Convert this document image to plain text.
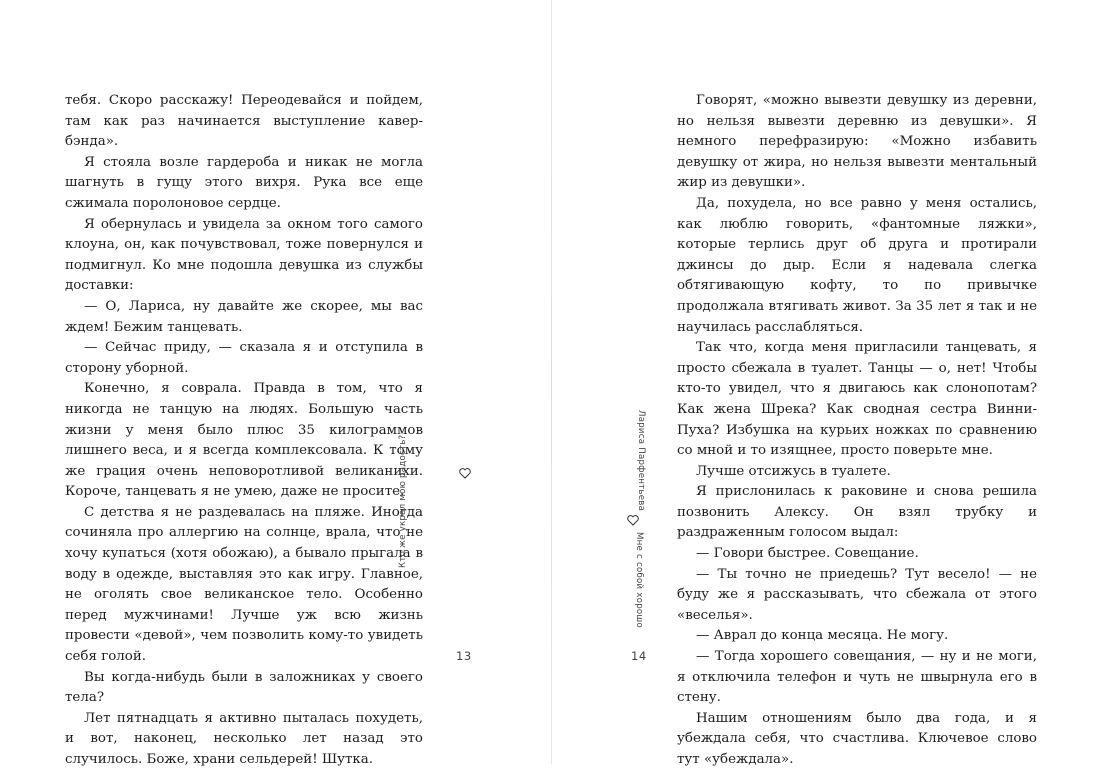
тебя. Скоро расскажу! Переодевайся и пойдем, там как раз начинается выступление кавер-бэнда».

Я стояла возле гардероба и никак не могла шагнуть в гущу этого вихря. Рука все еще сжимала поролоновое сердце.

Я обернулась и увидела за окном того самого клоуна, он, как почувствовал, тоже повернулся и подмигнул. Ко мне подошла девушка из службы доставки:

— О, Лариса, ну давайте же скорее, мы вас ждем! Бежим танцевать.

— Сейчас приду, — сказала я и отступила в сторону уборной.

Конечно, я соврала. Правда в том, что я никогда не танцую на людях. Большую часть жизни у меня было плюс 35 килограммов лишнего веса, и я всегда комплексовала. К тому же грация очень неповоротливой великанихи. Короче, танцевать я не умею, даже не просите.

С детства я не раздевалась на пляже. Иногда сочиняла про аллергию на солнце, врала, что не хочу купаться (хотя обожаю), а бывало прыгала в воду в одежде, выставляя это как игру. Главное, не оголять свое великанское тело. Особенно перед мужчинами! Лучше уж всю жизнь провести «девой», чем позволить кому-то увидеть себя голой.

Вы когда-нибудь были в заложниках у своего тела?

Лет пятнадцать я активно пыталась похудеть, и вот, наконец, несколько лет назад это случилось. Боже, храни сельдерей! Шутка.

Кто же украл мою радость?
13

Говорят, «можно вывезти девушку из деревни, но нельзя вывезти деревню из девушки». Я немного перефразирую: «Можно избавить девушку от жира, но нельзя вывезти ментальный жир из девушки».

Да, похудела, но все равно у меня остались, как люблю говорить, «фантомные ляжки», которые терлись друг об друга и протирали джинсы до дыр. Если я надевала слегка обтягивающую кофту, то по привычке продолжала втягивать живот. За 35 лет я так и не научилась расслабляться.

Так что, когда меня пригласили танцевать, я просто сбежала в туалет. Танцы — о, нет! Чтобы кто-то увидел, что я двигаюсь как слонопотам? Как жена Шрека? Как сводная сестра Винни-Пуха? Избушка на курьих ножках по сравнению со мной и то изящнее, просто поверьте мне.

Лучше отсижусь в туалете.

Я прислонилась к раковине и снова решила позвонить Алексу. Он взял трубку и раздраженным голосом выдал:

— Говори быстрее. Совещание.

— Ты точно не приедешь? Тут весело! — не буду же я рассказывать, что сбежала от этого «веселья».

— Аврал до конца месяца. Не могу.

— Тогда хорошего совещания, — ну и не моги, я отключила телефон и чуть не швырнула его в стену.

Нашим отношениям было два года, и я убеждала себя, что счастлива. Ключевое слово тут «убеждала».

Лариса Парфентьева
Мне с собой хорошо
14
